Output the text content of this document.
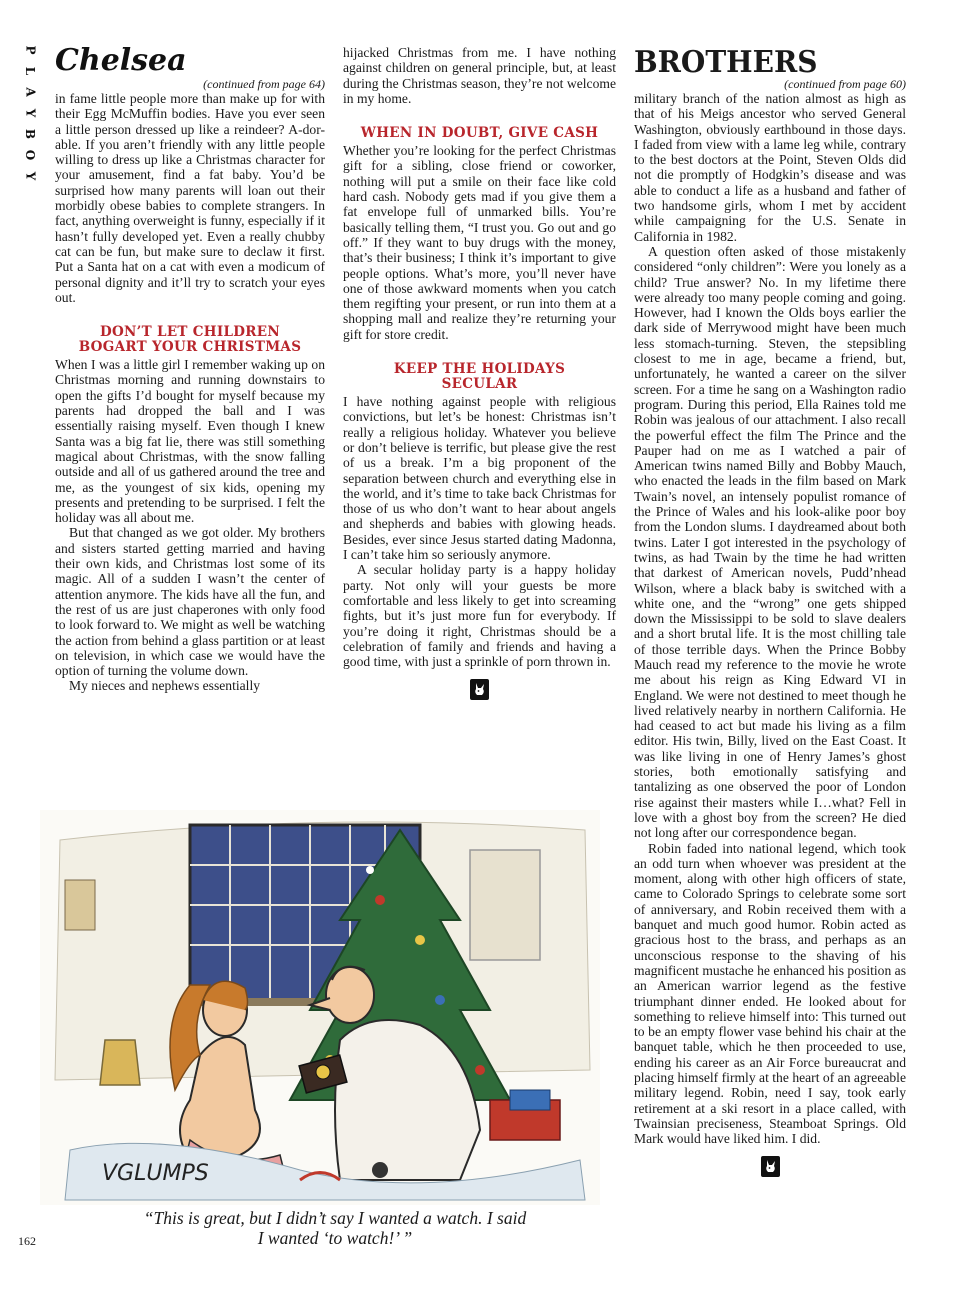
P
L
A
Y
B
O
Y
Chelsea

(continued from page 64)

in fame little people more than make up for with their Egg McMuffin bodies. Have you ever seen a little person dressed up like a reindeer? A-dor-able. If you aren’t friendly with any little people willing to dress up like a Christmas character for your amusement, find a fat baby. You’d be surprised how many parents will loan out their morbidly obese babies to complete strangers. In fact, anything overweight is funny, especially if it hasn’t fully developed yet. Even a really chubby cat can be fun, but make sure to declaw it first. Put a Santa hat on a cat with even a modicum of personal dignity and it’ll try to scratch your eyes out.

DON’T LET CHILDREN
BOGART YOUR CHRISTMAS

When I was a little girl I remember waking up on Christmas morning and running downstairs to open the gifts I’d bought for myself because my parents had dropped the ball and I was essentially raising myself. Even though I knew Santa was a big fat lie, there was still something magical about Christmas, with the snow falling outside and all of us gathered around the tree and me, as the youngest of six kids, opening my presents and pretending to be surprised. I felt the holiday was all about me.

But that changed as we got older. My brothers and sisters started getting married and having their own kids, and Christmas lost some of its magic. All of a sudden I wasn’t the center of attention anymore. The kids have all the fun, and the rest of us are just chaperones with only food to look forward to. We might as well be watching the action from behind a glass partition or at least on television, in which case we would have the option of turning the volume down.

My nieces and nephews essentially

hijacked Christmas from me. I have nothing against children on general principle, but, at least during the Christmas season, they’re not welcome in my home.

WHEN IN DOUBT, GIVE CASH

Whether you’re looking for the perfect Christmas gift for a sibling, close friend or coworker, nothing will put a smile on their face like cold hard cash. Nobody gets mad if you give them a fat envelope full of unmarked bills. You’re basically telling them, “I trust you. Go out and go off.” If they want to buy drugs with the money, that’s their business; I think it’s important to give people options. What’s more, you’ll never have one of those awkward moments when you catch them regifting your present, or run into them at a shopping mall and realize they’re returning your gift for store credit.

KEEP THE HOLIDAYS
SECULAR

I have nothing against people with religious convictions, but let’s be honest: Christmas isn’t really a religious holiday. Whatever you believe or don’t believe is terrific, but please give the rest of us a break. I’m a big proponent of the separation between church and everything else in the world, and it’s time to take back Christmas for those of us who don’t want to hear about angels and shepherds and babies with glowing heads. Besides, ever since Jesus started dating Madonna, I can’t take him so seriously anymore.

A secular holiday party is a happy holiday party. Not only will your guests be more comfortable and less likely to get into screaming fights, but it’s just more fun for everybody. If you’re doing it right, Christmas should be a celebration of family and friends and having a good time, with just a sprinkle of porn thrown in.

BROTHERS

(continued from page 60)

military branch of the nation almost as high as that of his Meigs ancestor who served General Washington, obviously earthbound in those days. I faded from view with a lame leg while, contrary to the best doctors at the Point, Steven Olds did not die promptly of Hodgkin’s disease and was able to conduct a life as a husband and father of two handsome girls, whom I met by accident while campaigning for the U.S. Senate in California in 1982.

A question often asked of those mistakenly considered “only children”: Were you lonely as a child? True answer? No. In my lifetime there were already too many people coming and going. However, had I known the Olds boys earlier the dark side of Merrywood might have been much less stomach-turning. Steven, the stepsibling closest to me in age, became a friend, but, unfortunately, he wanted a career on the silver screen. For a time he sang on a Washington radio program. During this period, Ella Raines told me Robin was jealous of our attachment. I also recall the powerful effect the film The Prince and the Pauper had on me as I watched a pair of American twins named Billy and Bobby Mauch, who enacted the leads in the film based on Mark Twain’s novel, an intensely populist romance of the Prince of Wales and his look-alike poor boy from the London slums. I daydreamed about both twins. Later I got interested in the psychology of twins, as had Twain by the time he had written that darkest of American novels, Pudd’nhead Wilson, where a black baby is switched with a white one, and the “wrong” one gets shipped down the Mississippi to be sold to slave dealers and a short brutal life. It is the most chilling tale of those terrible days. When the Prince Bobby Mauch read my reference to the movie he wrote me about his reign as King Edward VI in England. We were not destined to meet though he lived relatively nearby in northern California. He had ceased to act but made his living as a film editor. His twin, Billy, lived on the East Coast. It was like living in one of Henry James’s ghost stories, both emotionally satisfying and tantalizing as one observed the poor of London rise against their masters while I…what? Fell in love with a ghost boy from the screen? He died not long after our correspondence began.

Robin faded into national legend, which took an odd turn when whoever was president at the moment, along with other high officers of state, came to Colorado Springs to celebrate some sort of anniversary, and Robin received them with a banquet and much good humor. Robin acted as gracious host to the brass, and perhaps as an unconscious response to the shaving of his magnificent mustache he enhanced his position as an American warrior legend as the festive triumphant dinner ended. He looked about for something to relieve himself into: This turned out to be an empty flower vase behind his chair at the banquet table, which he then proceeded to use, ending his career as an Air Force bureaucrat and placing himself firmly at the heart of an agreeable military legend. Robin, need I say, took early retirement at a ski resort in a place called, with Twainsian preciseness, Steamboat Springs. Old Mark would have liked him. I did.

VGLUMPS
“This is great, but I didn’t say I wanted a watch. I said
I wanted ‘to watch!’ ”
162
